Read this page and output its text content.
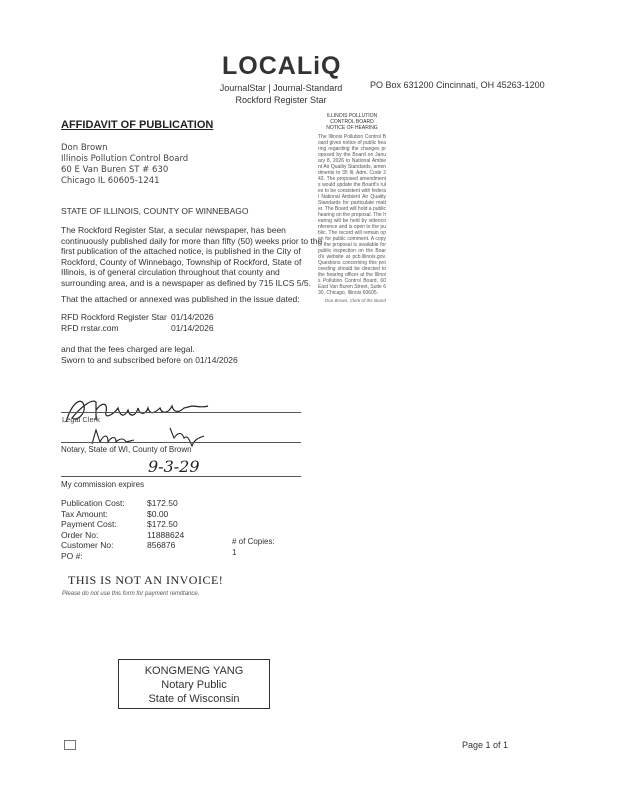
LOCALiQ
JournalStar | Journal-Standard
Rockford Register Star
PO Box 631200 Cincinnati, OH 45263-1200
AFFIDAVIT OF PUBLICATION
Don Brown
Illinois Pollution Control Board
60 E Van Buren ST # 630
Chicago IL 60605-1241
STATE OF ILLINOIS, COUNTY OF WINNEBAGO
The Rockford Register Star, a secular newspaper, has been continuously published daily for more than fifty (50) weeks prior to the first publication of the attached notice, is published in the City of Rockford, County of Winnebago, Township of Rockford, State of Illinois, is of general circulation throughout that county and surrounding area, and is a newspaper as defined by 715 ILCS 5/5.
That the attached or annexed was published in the issue dated:
RFD Rockford Register Star 01/14/2026
RFD rrstar.com	01/14/2026
and that the fees charged are legal.
Sworn to and subscribed before on 01/14/2026
Legal Clerk
Notary, State of WI, County of Brown
9-3-29
My commission expires
Publication Cost:	$172.50
Tax Amount:	$0.00
Payment Cost:	$172.50
Order No:	11888624
Customer No:	856876
PO #:
# of Copies:
1
THIS IS NOT AN INVOICE!
Please do not use this form for payment remittance.
KONGMENG YANG
Notary Public
State of Wisconsin
ILLINOIS POLLUTION
CONTROL BOARD
NOTICE OF HEARING
The Illinois Pollution Control Board gives notice of public hearing regarding the changes proposed by the Board on January 8, 2026 to National Ambient Air Quality Standards, amendments to 35 Ill. Adm. Code 243. The proposed amendments would update the Board's rules to be consistent with federal National Ambient Air Quality Standards for particulate matter. The Board will hold a public hearing on the proposal. The hearing will be held by videoconference and is open to the public. The record will remain open for public comment. A copy of the proposal is available for public inspection on the Board's website at pcb.illinois.gov. Questions concerning this proceeding should be directed to the hearing officer at the Illinois Pollution Control Board, 60 East Van Buren Street, Suite 630, Chicago, Illinois 60605.
Don Brown, Clerk of the Board
Page 1 of 1
